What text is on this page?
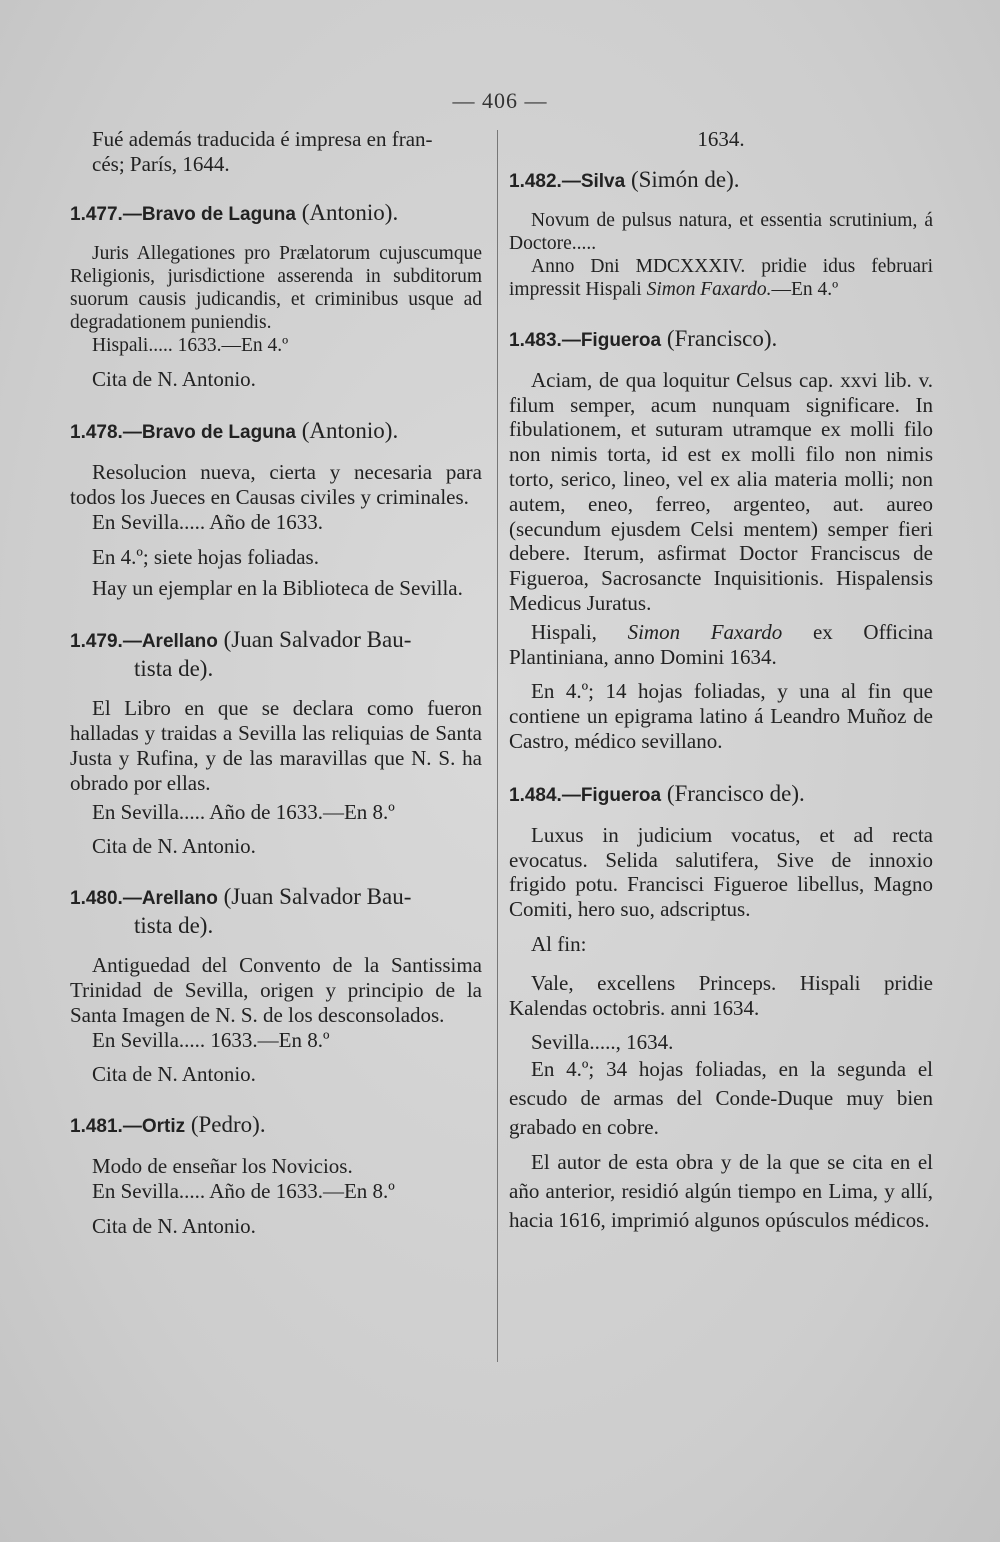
— 406 —

Fué además traducida é impresa en fran-

cés; París, 1644.

1.477.—Bravo de Laguna (Antonio).

Juris Allegationes pro Prælatorum cujuscumque Religionis, jurisdictione asserenda in subditorum suorum causis judicandis, et criminibus usque ad degradationem puniendis.

Hispali..... 1633.—En 4.º

Cita de N. Antonio.

1.478.—Bravo de Laguna (Antonio).

Resolucion nueva, cierta y necesaria para todos los Jueces en Causas civiles y criminales.

En Sevilla..... Año de 1633.

En 4.º; siete hojas foliadas.

Hay un ejemplar en la Biblioteca de Sevilla.

1.479.—Arellano (Juan Salvador Bau-
tista de).

El Libro en que se declara como fueron halladas y traidas a Sevilla las reliquias de Santa Justa y Rufina, y de las maravillas que N. S. ha obrado por ellas.

En Sevilla..... Año de 1633.—En 8.º

Cita de N. Antonio.

1.480.—Arellano (Juan Salvador Bau-
tista de).

Antiguedad del Convento de la Santissima Trinidad de Sevilla, origen y principio de la Santa Imagen de N. S. de los desconsolados.

En Sevilla..... 1633.—En 8.º

Cita de N. Antonio.

1.481.—Ortiz (Pedro).

Modo de enseñar los Novicios.

En Sevilla..... Año de 1633.—En 8.º

Cita de N. Antonio.

1634.

1.482.—Silva (Simón de).

Novum de pulsus natura, et essentia scrutinium, á Doctore.....

Anno Dni MDCXXXIV. pridie idus februari impressit Hispali Simon Faxardo.—En 4.º

1.483.—Figueroa (Francisco).

Aciam, de qua loquitur Celsus cap. xxvi lib. v. filum semper, acum nunquam significare. In fibulationem, et suturam utramque ex molli filo non nimis torta, id est ex molli filo non nimis torto, serico, lineo, vel ex alia materia molli; non autem, eneo, ferreo, argenteo, aut. aureo (secundum ejusdem Celsi mentem) semper fieri debere. Iterum, asfirmat Doctor Franciscus de Figueroa, Sacrosancte Inquisitionis. Hispalensis Medicus Juratus.

Hispali, Simon Faxardo ex Officina Plantiniana, anno Domini 1634.

En 4.º; 14 hojas foliadas, y una al fin que contiene un epigrama latino á Leandro Muñoz de Castro, médico sevillano.

1.484.—Figueroa (Francisco de).

Luxus in judicium vocatus, et ad recta evocatus. Selida salutifera, Sive de innoxio frigido potu. Francisci Figueroe libellus, Magno Comiti, hero suo, adscriptus.

Al fin:

Vale, excellens Princeps. Hispali pridie Kalendas octobris. anni 1634.

Sevilla....., 1634.

En 4.º; 34 hojas foliadas, en la segunda el escudo de armas del Conde-Duque muy bien grabado en cobre.

El autor de esta obra y de la que se cita en el año anterior, residió algún tiempo en Lima, y allí, hacia 1616, imprimió algunos opúsculos médicos.
